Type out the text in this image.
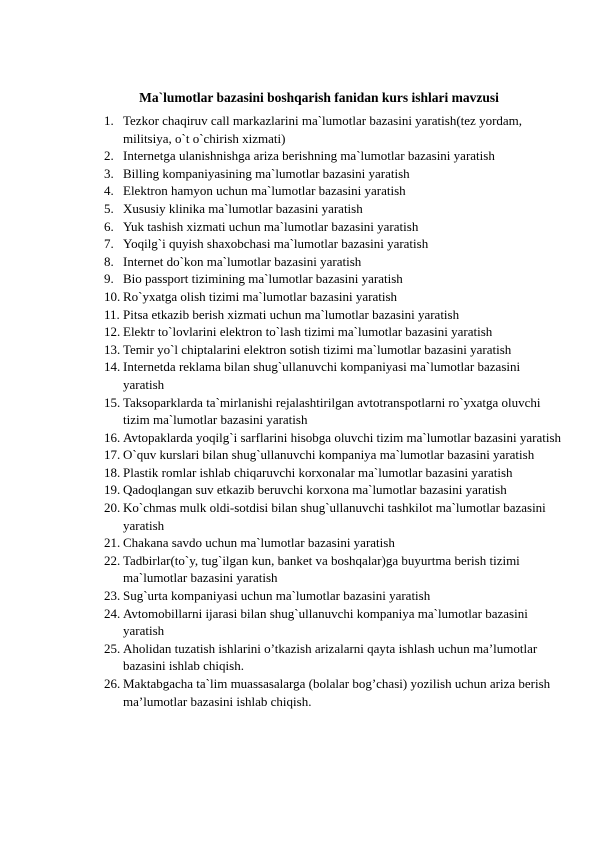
Ma`lumotlar bazasini boshqarish fanidan kurs ishlari mavzusi
1. Tezkor chaqiruv call markazlarini ma`lumotlar bazasini yaratish(tez yordam, militsiya, o`t o`chirish xizmati)
2. Internetga ulanishnishga ariza berishning ma`lumotlar bazasini yaratish
3. Billing kompaniyasining ma`lumotlar bazasini yaratish
4. Elektron hamyon uchun ma`lumotlar bazasini yaratish
5. Xususiy klinika ma`lumotlar bazasini yaratish
6. Yuk tashish xizmati uchun ma`lumotlar bazasini yaratish
7. Yoqilg`i quyish shaxobchasi ma`lumotlar bazasini yaratish
8. Internet do`kon ma`lumotlar bazasini yaratish
9. Bio passport tizimining ma`lumotlar bazasini yaratish
10. Ro`yxatga olish tizimi ma`lumotlar bazasini yaratish
11. Pitsa etkazib berish xizmati uchun ma`lumotlar bazasini yaratish
12. Elektr to`lovlarini elektron to`lash tizimi ma`lumotlar bazasini yaratish
13. Temir yo`l chiptalarini elektron sotish tizimi ma`lumotlar bazasini yaratish
14. Internetda reklama bilan shug`ullanuvchi kompaniyasi ma`lumotlar bazasini yaratish
15. Taksoparklarda ta`mirlanishi rejalashtirilgan avtotranspotlarni ro`yxatga oluvchi tizim ma`lumotlar bazasini yaratish
16. Avtopaklarda yoqilg`i sarflarini hisobga oluvchi tizim ma`lumotlar bazasini yaratish
17. O`quv kurslari bilan shug`ullanuvchi kompaniya ma`lumotlar bazasini yaratish
18. Plastik romlar ishlab chiqaruvchi korxonalar ma`lumotlar bazasini yaratish
19. Qadoqlangan suv etkazib beruvchi korxona ma`lumotlar bazasini yaratish
20. Ko`chmas mulk oldi-sotdisi bilan shug`ullanuvchi tashkilot ma`lumotlar bazasini yaratish
21. Chakana savdo uchun ma`lumotlar bazasini yaratish
22. Tadbirlar(to`y, tug`ilgan kun, banket va boshqalar)ga buyurtma berish tizimi ma`lumotlar bazasini yaratish
23. Sug`urta kompaniyasi uchun ma`lumotlar bazasini yaratish
24. Avtomobillarni ijarasi bilan shug`ullanuvchi kompaniya ma`lumotlar bazasini yaratish
25. Aholidan tuzatish ishlarini o’tkazish arizalarni qayta ishlash uchun ma’lumotlar bazasini ishlab chiqish.
26. Maktabgacha ta`lim muassasalarga (bolalar bog’chasi) yozilish uchun ariza berish ma’lumotlar bazasini ishlab chiqish.
